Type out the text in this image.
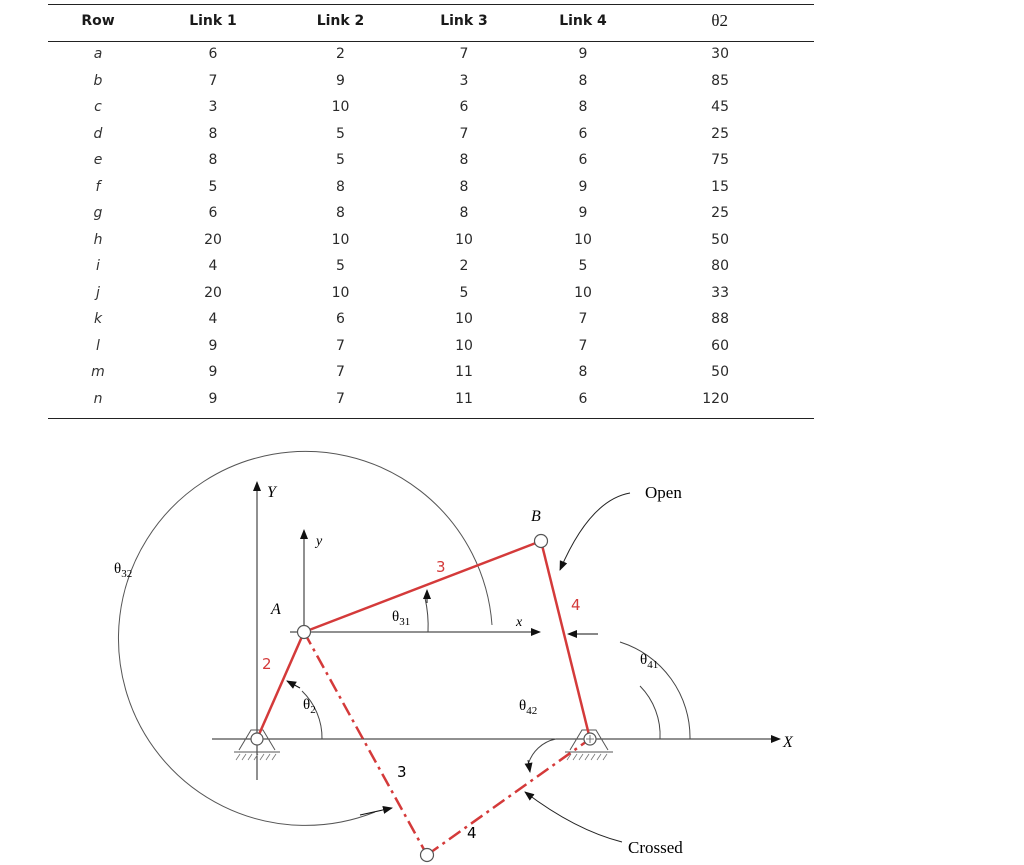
Row	Link 1	Link 2	Link 3	Link 4	θ2
a	6	2	7	9	30
b	7	9	3	8	85
c	3	10	6	8	45
d	8	5	7	6	25
e	8	5	8	6	75
f	5	8	8	9	15
g	6	8	8	9	25
h	20	10	10	10	50
i	4	5	2	5	80
j	20	10	5	10	33
k	4	6	10	7	88
l	9	7	10	7	60
m	9	7	11	8	50
n	9	7	11	6	120
Y
X
y
x
A
B
2
3
4
3
4
Open
Crossed
$\theta_2$
$\theta_{31}$
$\theta_{32}$
$\theta_{41}$
$\theta_{42}$
